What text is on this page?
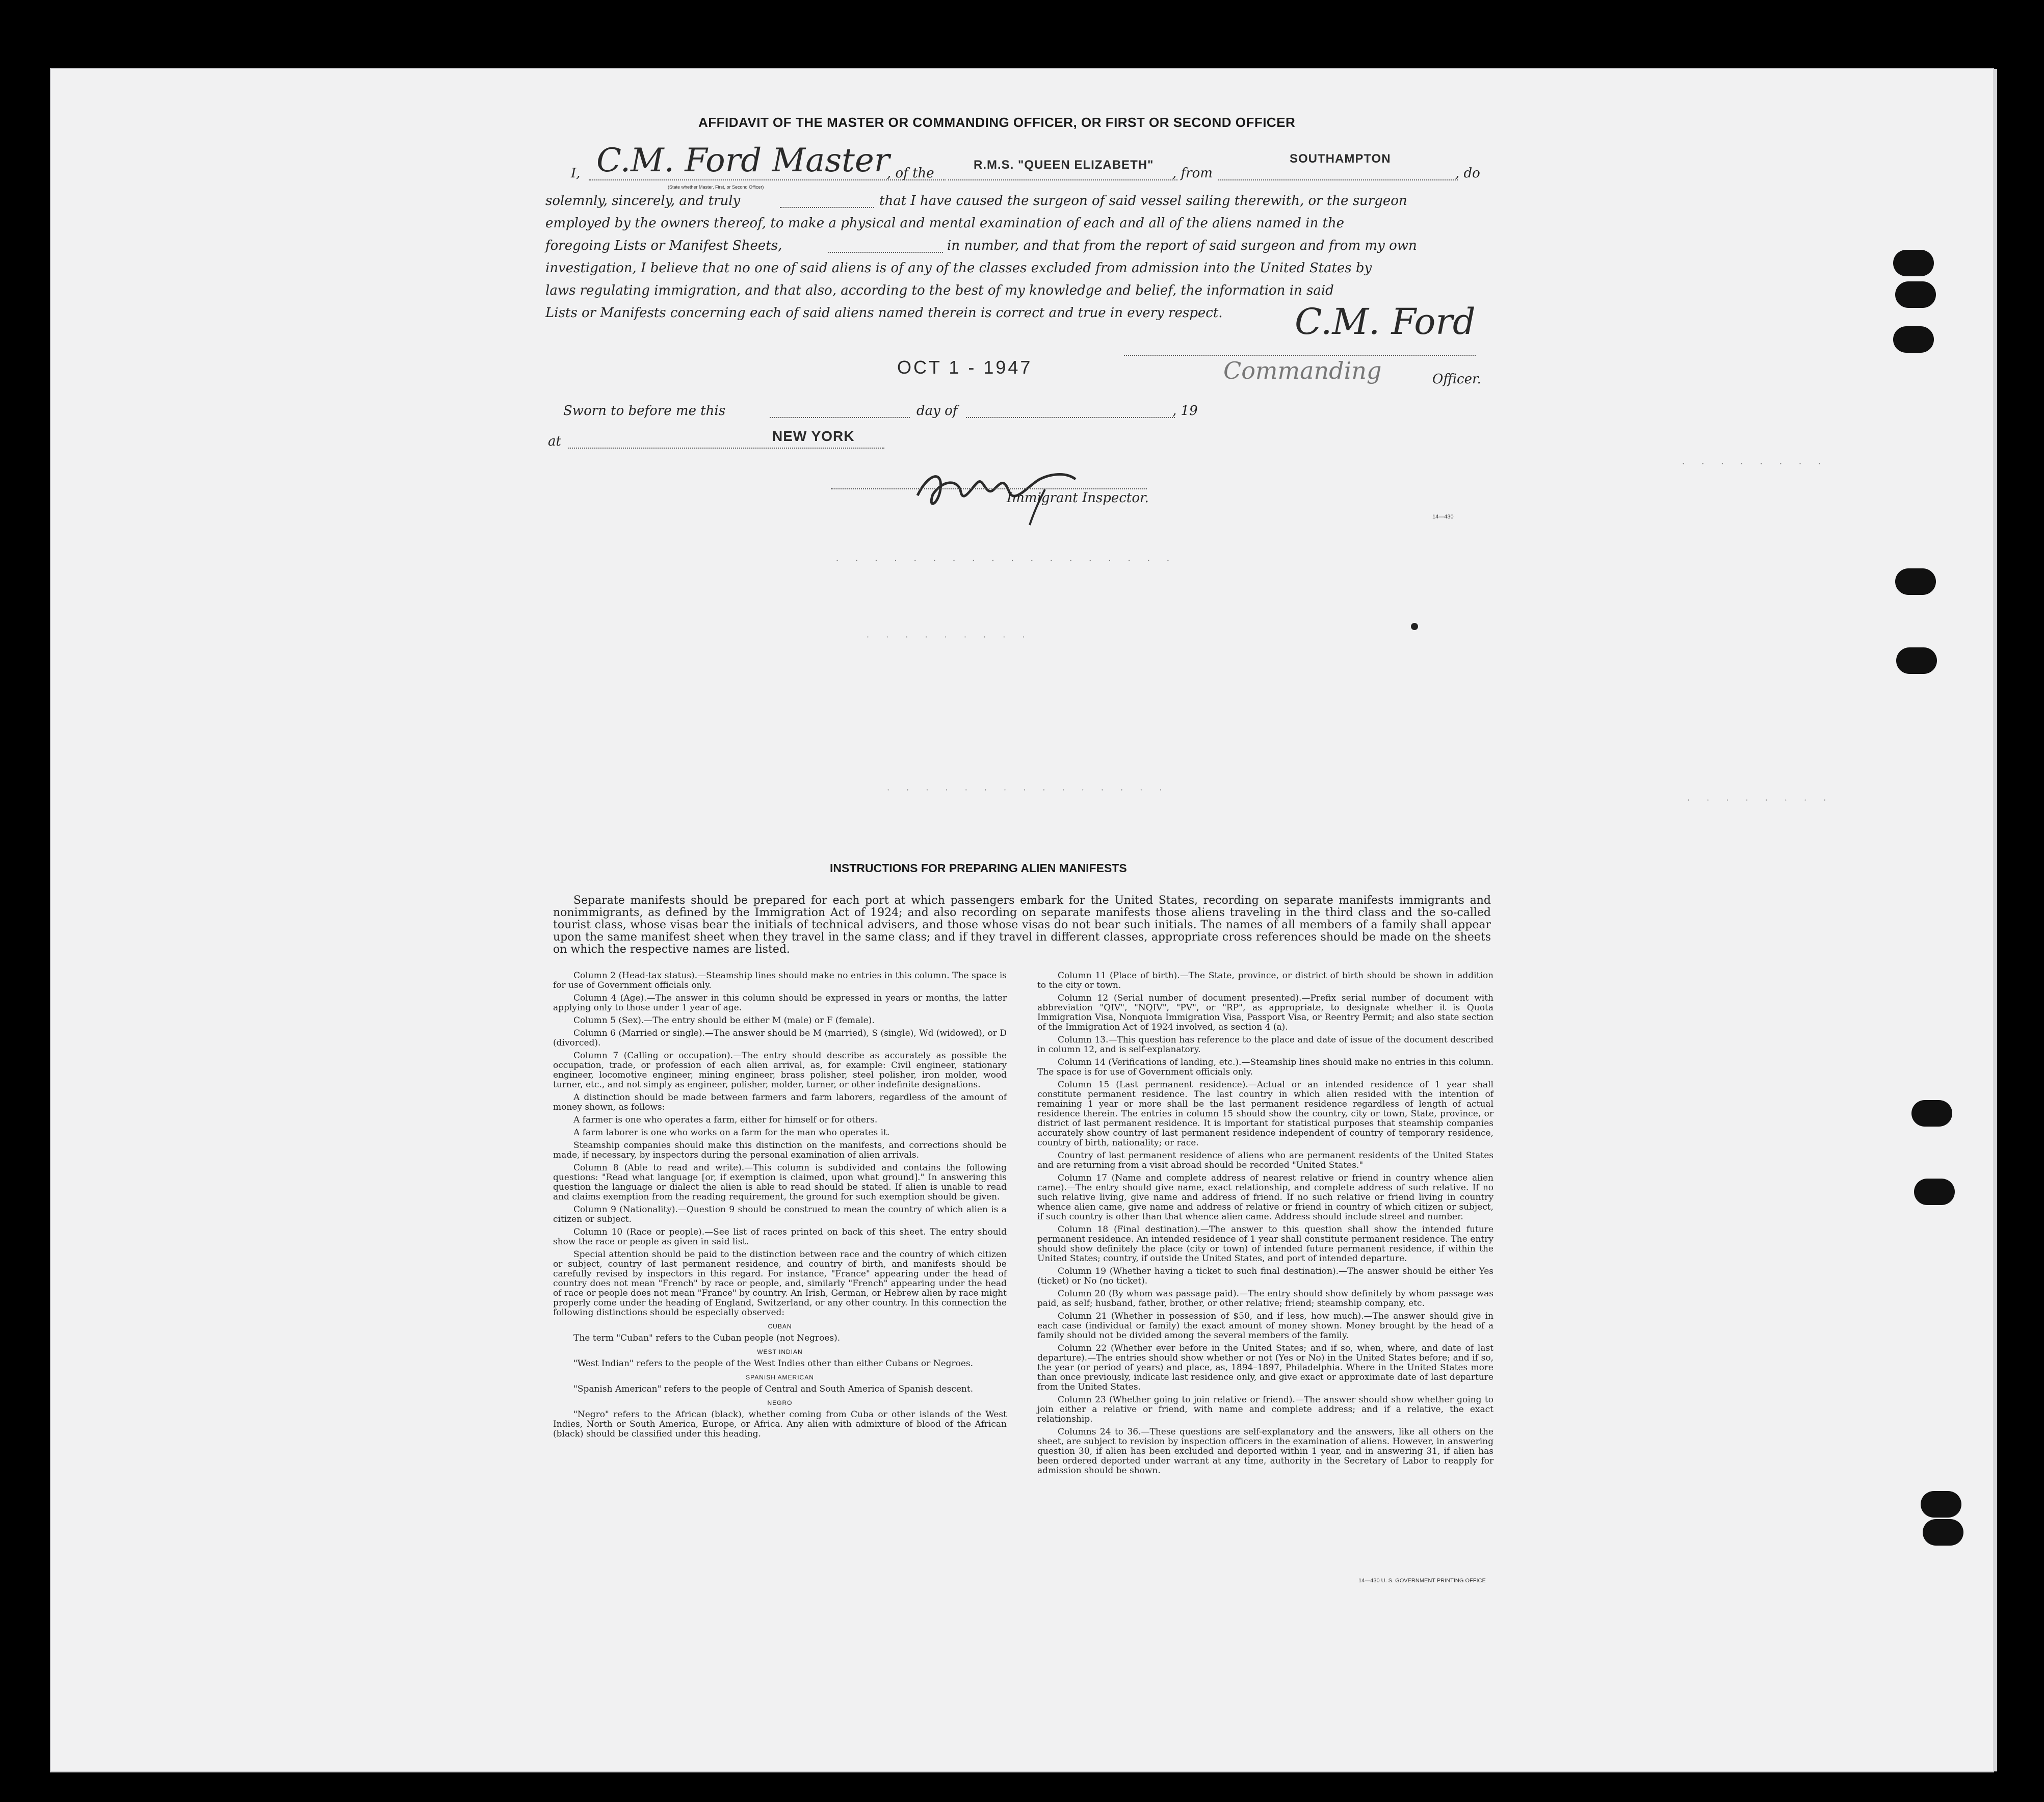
AFFIDAVIT OF THE MASTER OR COMMANDING OFFICER, OR FIRST OR SECOND OFFICER
I, C.M. Ford Master
(State whether Master, First, or Second Officer)
, of the
R.M.S. "QUEEN ELIZABETH"
, from
SOUTHAMPTON
, do
solemnly, sincerely, and truly	that I have caused the surgeon of said vessel sailing therewith, or the surgeon
employed by the owners thereof, to make a physical and mental examination of each and all of the aliens named in the
foregoing Lists or Manifest Sheets,	in number, and that from the report of said surgeon and from my own
investigation, I believe that no one of said aliens is of any of the classes excluded from admission into the United States by
laws regulating immigration, and that also, according to the best of my knowledge and belief, the information in said
Lists or Manifests concerning each of said aliens named therein is correct and true in every respect. C.M. Ford
OCT 1 - 1947	Commanding	Officer.
Sworn to before me this	day of	, 19
at	NEW YORK
Immigrant Inspector.
14—430
· · · · · · · · · · · · · · · · · ·
· · · · · · · · ·
· · · · · · · · · · · · · · ·
· · · · · · · ·
· · · · · · · ·
INSTRUCTIONS FOR PREPARING ALIEN MANIFESTS

Separate manifests should be prepared for each port at which passengers embark for the United States, recording on separate manifests immigrants and nonimmigrants, as defined by the Immigration Act of 1924; and also recording on separate manifests those aliens traveling in the third class and the so-called tourist class, whose visas bear the initials of technical advisers, and those whose visas do not bear such initials. The names of all members of a family shall appear upon the same manifest sheet when they travel in the same class; and if they travel in different classes, appropriate cross references should be made on the sheets on which the respective names are listed.

Column 2 (Head-tax status).—Steamship lines should make no entries in this column. The space is for use of Government officials only.

Column 4 (Age).—The answer in this column should be expressed in years or months, the latter applying only to those under 1 year of age.

Column 5 (Sex).—The entry should be either M (male) or F (female).

Column 6 (Married or single).—The answer should be M (married), S (single), Wd (widowed), or D (divorced).

Column 7 (Calling or occupation).—The entry should describe as accurately as possible the occupation, trade, or profession of each alien arrival, as, for example: Civil engineer, stationary engineer, locomotive engineer, mining engineer, brass polisher, steel polisher, iron molder, wood turner, etc., and not simply as engineer, polisher, molder, turner, or other indefinite designations.

A distinction should be made between farmers and farm laborers, regardless of the amount of money shown, as follows:

A farmer is one who operates a farm, either for himself or for others.

A farm laborer is one who works on a farm for the man who operates it.

Steamship companies should make this distinction on the manifests, and corrections should be made, if necessary, by inspectors during the personal examination of alien arrivals.

Column 8 (Able to read and write).—This column is subdivided and contains the following questions: "Read what language [or, if exemption is claimed, upon what ground]." In answering this question the language or dialect the alien is able to read should be stated. If alien is unable to read and claims exemption from the reading requirement, the ground for such exemption should be given.

Column 9 (Nationality).—Question 9 should be construed to mean the country of which alien is a citizen or subject.

Column 10 (Race or people).—See list of races printed on back of this sheet. The entry should show the race or people as given in said list.

Special attention should be paid to the distinction between race and the country of which citizen or subject, country of last permanent residence, and country of birth, and manifests should be carefully revised by inspectors in this regard. For instance, "France" appearing under the head of country does not mean "French" by race or people, and, similarly "French" appearing under the head of race or people does not mean "France" by country. An Irish, German, or Hebrew alien by race might properly come under the heading of England, Switzerland, or any other country. In this connection the following distinctions should be especially observed:

CUBAN

The term "Cuban" refers to the Cuban people (not Negroes).

WEST INDIAN

"West Indian" refers to the people of the West Indies other than either Cubans or Negroes.

SPANISH AMERICAN

"Spanish American" refers to the people of Central and South America of Spanish descent.

NEGRO

"Negro" refers to the African (black), whether coming from Cuba or other islands of the West Indies, North or South America, Europe, or Africa. Any alien with admixture of blood of the African (black) should be classified under this heading.

Column 11 (Place of birth).—The State, province, or district of birth should be shown in addition to the city or town.

Column 12 (Serial number of document presented).—Prefix serial number of document with abbreviation "QIV", "NQIV", "PV", or "RP", as appropriate, to designate whether it is Quota Immigration Visa, Nonquota Immigration Visa, Passport Visa, or Reentry Permit; and also state section of the Immigration Act of 1924 involved, as section 4 (a).

Column 13.—This question has reference to the place and date of issue of the document described in column 12, and is self-explanatory.

Column 14 (Verifications of landing, etc.).—Steamship lines should make no entries in this column. The space is for use of Government officials only.

Column 15 (Last permanent residence).—Actual or an intended residence of 1 year shall constitute permanent residence. The last country in which alien resided with the intention of remaining 1 year or more shall be the last permanent residence regardless of length of actual residence therein. The entries in column 15 should show the country, city or town, State, province, or district of last permanent residence. It is important for statistical purposes that steamship companies accurately show country of last permanent residence independent of country of temporary residence, country of birth, nationality; or race.

Country of last permanent residence of aliens who are permanent residents of the United States and are returning from a visit abroad should be recorded "United States."

Column 17 (Name and complete address of nearest relative or friend in country whence alien came).—The entry should give name, exact relationship, and complete address of such relative. If no such relative living, give name and address of friend. If no such relative or friend living in country whence alien came, give name and address of relative or friend in country of which citizen or subject, if such country is other than that whence alien came. Address should include street and number.

Column 18 (Final destination).—The answer to this question shall show the intended future permanent residence. An intended residence of 1 year shall constitute permanent residence. The entry should show definitely the place (city or town) of intended future permanent residence, if within the United States; country, if outside the United States, and port of intended departure.

Column 19 (Whether having a ticket to such final destination).—The answer should be either Yes (ticket) or No (no ticket).

Column 20 (By whom was passage paid).—The entry should show definitely by whom passage was paid, as self; husband, father, brother, or other relative; friend; steamship company, etc.

Column 21 (Whether in possession of $50, and if less, how much).—The answer should give in each case (individual or family) the exact amount of money shown. Money brought by the head of a family should not be divided among the several members of the family.

Column 22 (Whether ever before in the United States; and if so, when, where, and date of last departure).—The entries should show whether or not (Yes or No) in the United States before; and if so, the year (or period of years) and place, as, 1894–1897, Philadelphia. Where in the United States more than once previously, indicate last residence only, and give exact or approximate date of last departure from the United States.

Column 23 (Whether going to join relative or friend).—The answer should show whether going to join either a relative or friend, with name and complete address; and if a relative, the exact relationship.

Columns 24 to 36.—These questions are self-explanatory and the answers, like all others on the sheet, are subject to revision by inspection officers in the examination of aliens. However, in answering question 30, if alien has been excluded and deported within 1 year, and in answering 31, if alien has been ordered deported under warrant at any time, authority in the Secretary of Labor to reapply for admission should be shown.

14—430 U. S. GOVERNMENT PRINTING OFFICE
